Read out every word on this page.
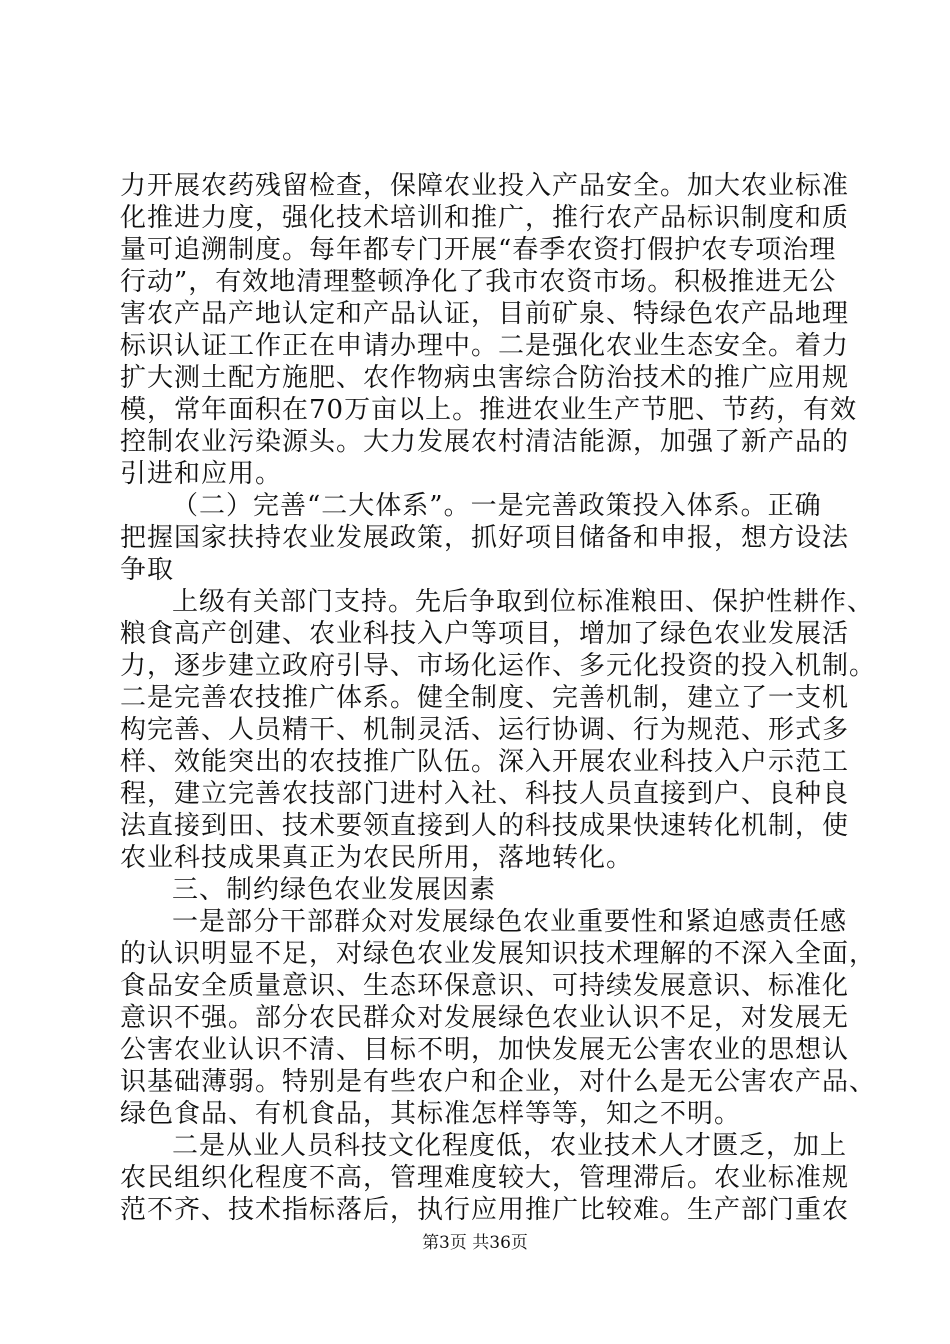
力开展农药残留检查，保障农业投入产品安全。加大农业标准
化推进力度，强化技术培训和推广，推行农产品标识制度和质
量可追溯制度。每年都专门开展“春季农资打假护农专项治理
行动”，有效地清理整顿净化了我市农资市场。积极推进无公
害农产品产地认定和产品认证，目前矿泉、特绿色农产品地理
标识认证工作正在申请办理中。二是强化农业生态安全。着力
扩大测土配方施肥、农作物病虫害综合防治技术的推广应用规
模，常年面积在70万亩以上。推进农业生产节肥、节药，有效
控制农业污染源头。大力发展农村清洁能源，加强了新产品的
引进和应用。
（二）完善“二大体系”。一是完善政策投入体系。正确
把握国家扶持农业发展政策，抓好项目储备和申报，想方设法
争取
上级有关部门支持。先后争取到位标准粮田、保护性耕作、
粮食高产创建、农业科技入户等项目，增加了绿色农业发展活
力，逐步建立政府引导、市场化运作、多元化投资的投入机制。
二是完善农技推广体系。健全制度、完善机制，建立了一支机
构完善、人员精干、机制灵活、运行协调、行为规范、形式多
样、效能突出的农技推广队伍。深入开展农业科技入户示范工
程，建立完善农技部门进村入社、科技人员直接到户、良种良
法直接到田、技术要领直接到人的科技成果快速转化机制，使
农业科技成果真正为农民所用，落地转化。
三、制约绿色农业发展因素
一是部分干部群众对发展绿色农业重要性和紧迫感责任感
的认识明显不足，对绿色农业发展知识技术理解的不深入全面，
食品安全质量意识、生态环保意识、可持续发展意识、标准化
意识不强。部分农民群众对发展绿色农业认识不足，对发展无
公害农业认识不清、目标不明，加快发展无公害农业的思想认
识基础薄弱。特别是有些农户和企业，对什么是无公害农产品、
绿色食品、有机食品，其标准怎样等等，知之不明。
二是从业人员科技文化程度低，农业技术人才匮乏，加上
农民组织化程度不高，管理难度较大，管理滞后。农业标准规
范不齐、技术指标落后，执行应用推广比较难。生产部门重农
第3页 共36页
